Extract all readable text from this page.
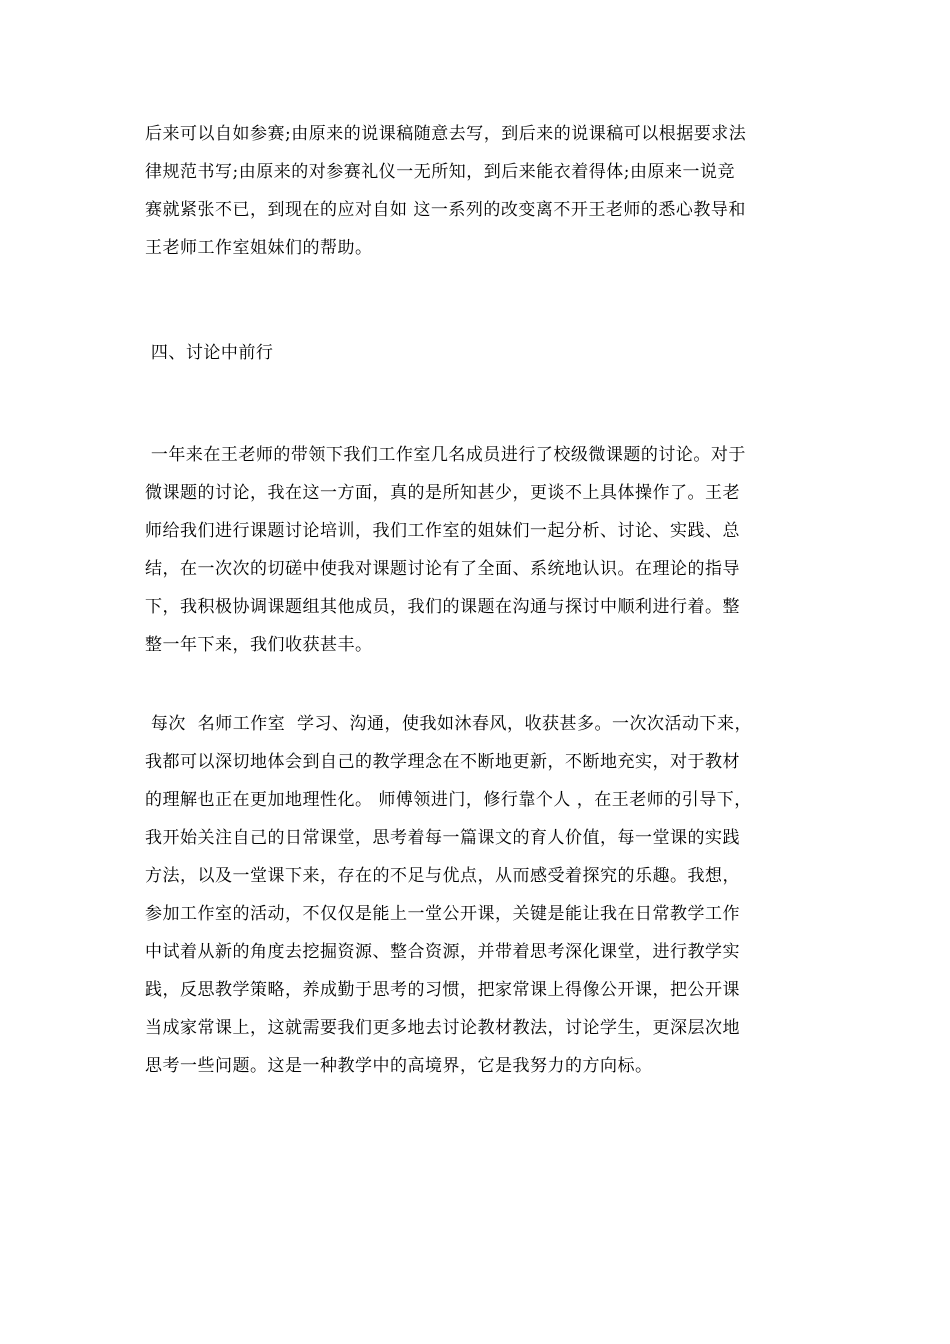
后来可以自如参赛;由原来的说课稿随意去写，到后来的说课稿可以根据要求法
律规范书写;由原来的对参赛礼仪一无所知，到后来能衣着得体;由原来一说竞
赛就紧张不已，到现在的应对自如 这一系列的改变离不开王老师的悉心教导和
王老师工作室姐妹们的帮助。
四、讨论中前行
一年来在王老师的带领下我们工作室几名成员进行了校级微课题的讨论。对于
微课题的讨论，我在这一方面，真的是所知甚少，更谈不上具体操作了。王老
师给我们进行课题讨论培训，我们工作室的姐妹们一起分析、讨论、实践、总
结，在一次次的切磋中使我对课题讨论有了全面、系统地认识。在理论的指导
下，我积极协调课题组其他成员，我们的课题在沟通与探讨中顺利进行着。整
整一年下来，我们收获甚丰。
每次  名师工作室  学习、沟通，使我如沐春风，收获甚多。一次次活动下来，
我都可以深切地体会到自己的教学理念在不断地更新，不断地充实，对于教材
的理解也正在更加地理性化。 师傅领进门，修行靠个人 ，在王老师的引导下，
我开始关注自己的日常课堂，思考着每一篇课文的育人价值，每一堂课的实践
方法，以及一堂课下来，存在的不足与优点，从而感受着探究的乐趣。我想，
参加工作室的活动，不仅仅是能上一堂公开课，关键是能让我在日常教学工作
中试着从新的角度去挖掘资源、整合资源，并带着思考深化课堂，进行教学实
践，反思教学策略，养成勤于思考的习惯，把家常课上得像公开课，把公开课
当成家常课上，这就需要我们更多地去讨论教材教法，讨论学生，更深层次地
思考一些问题。这是一种教学中的高境界，它是我努力的方向标。
